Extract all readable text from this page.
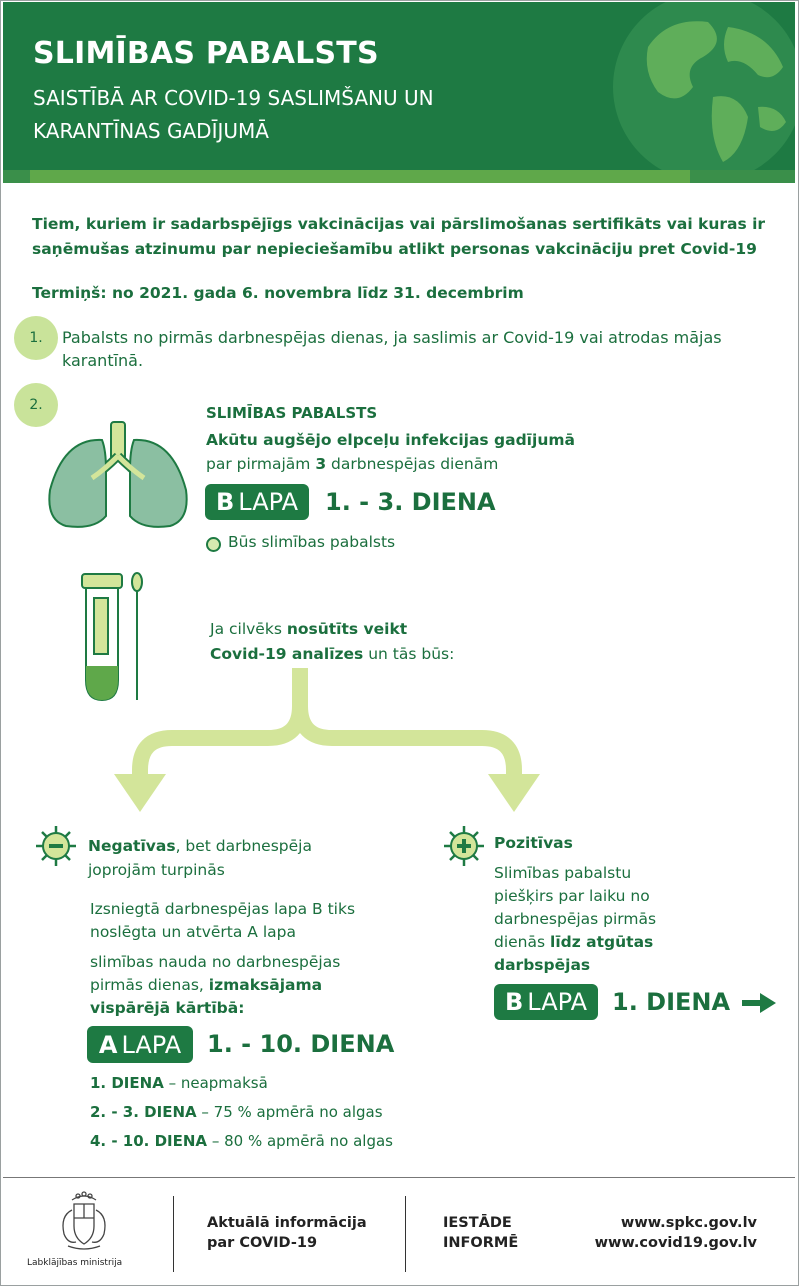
SLIMĪBAS PABALSTS
SAISTĪBĀ AR COVID-19 SASLIMŠANU UN
KARANTĪNAS GADĪJUMĀ
Tiem, kuriem ir sadarbspējīgs vakcinācijas vai pārslimošanas sertifikāts vai kuras ir saņēmušas atzinumu par nepieciešamību atlikt personas vakcināciju pret Covid-19
Termiņš: no 2021. gada 6. novembra līdz 31. decembrim
1.	Pabalsts no pirmās darbnespējas dienas, ja saslimis ar Covid-19 vai atrodas mājas karantīnā.
2.	SLIMĪBAS PABALSTS
Akūtu augšējo elpceļu infekcijas gadījumā
par pirmajām 3 darbnespējas dienām
B LAPA 1. - 3. DIENA
Būs slimības pabalsts
Ja cilvēks nosūtīts veikt
Covid-19 analīzes un tās būs:
Negatīvas, bet darbnespēja joprojām turpinās
Pozitīvas
Slimības pabalstu piešķirs par laiku no darbnespējas pirmās dienās līdz atgūtas darbspējas
Izsniegtā darbnespējas lapa B tiks noslēgta un atvērta A lapa
slimības nauda no darbnespējas pirmās dienas, izmaksājama vispārējā kārtībā:
A LAPA 1. - 10. DIENA
B LAPA 1. DIENA
1. DIENA – neapmaksā
2. - 3. DIENA – 75 % apmērā no algas
4. - 10. DIENA – 80 % apmērā no algas
Labklājības ministrija
Aktuālā informācija
par COVID-19
IESTĀDE
INFORMĒ
www.spkc.gov.lv
www.covid19.gov.lv
